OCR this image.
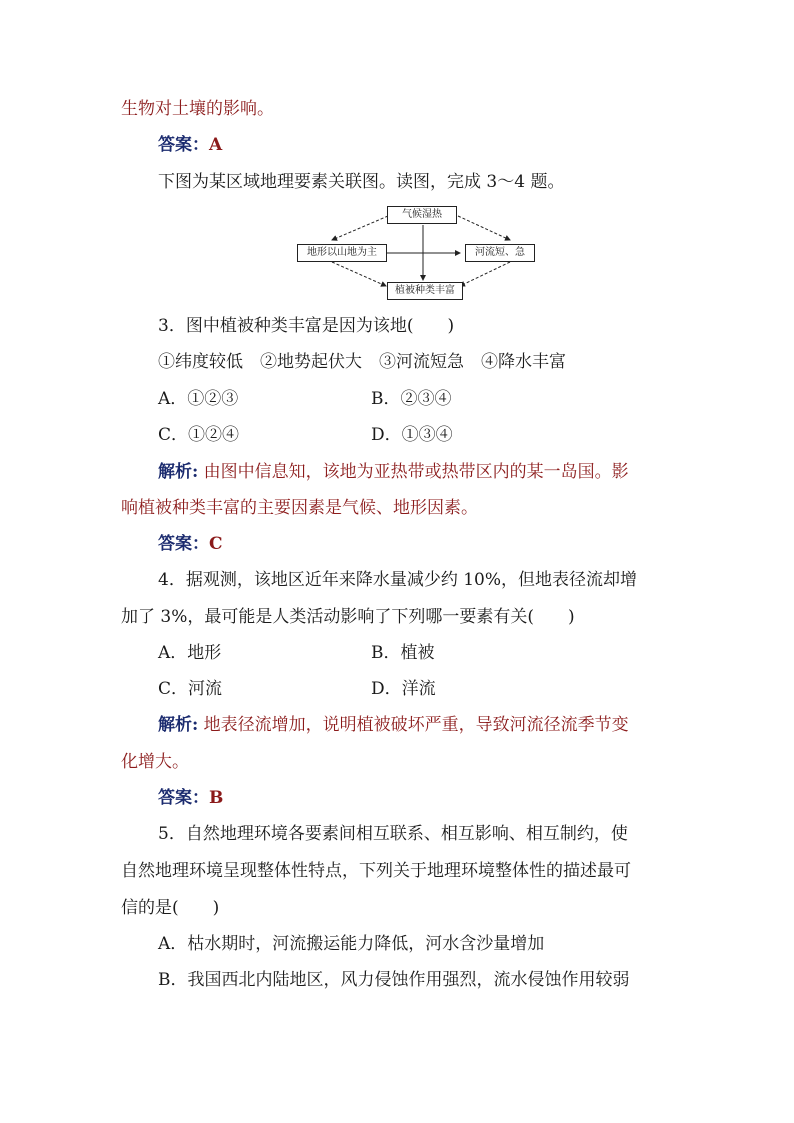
生物对土壤的影响。
答案：A
下图为某区域地理要素关联图。读图，完成 3～4 题。
气候湿热
地形以山地为主	河流短、急
植被种类丰富
3．图中植被种类丰富是因为该地(　　)
①纬度较低　②地势起伏大　③河流短急　④降水丰富
A．①②③	B．②③④
C．①②④	D．①③④
解析: 由图中信息知，该地为亚热带或热带区内的某一岛国。影
响植被种类丰富的主要因素是气候、地形因素。
答案：C
4．据观测，该地区近年来降水量减少约 10%，但地表径流却增
加了 3%，最可能是人类活动影响了下列哪一要素有关(　　)
A．地形	B．植被
C．河流	D．洋流
解析: 地表径流增加，说明植被破坏严重，导致河流径流季节变
化增大。
答案：B
5．自然地理环境各要素间相互联系、相互影响、相互制约，使
自然地理环境呈现整体性特点，下列关于地理环境整体性的描述最可
信的是(　　)
A．枯水期时，河流搬运能力降低，河水含沙量增加
B．我国西北内陆地区，风力侵蚀作用强烈，流水侵蚀作用较弱
